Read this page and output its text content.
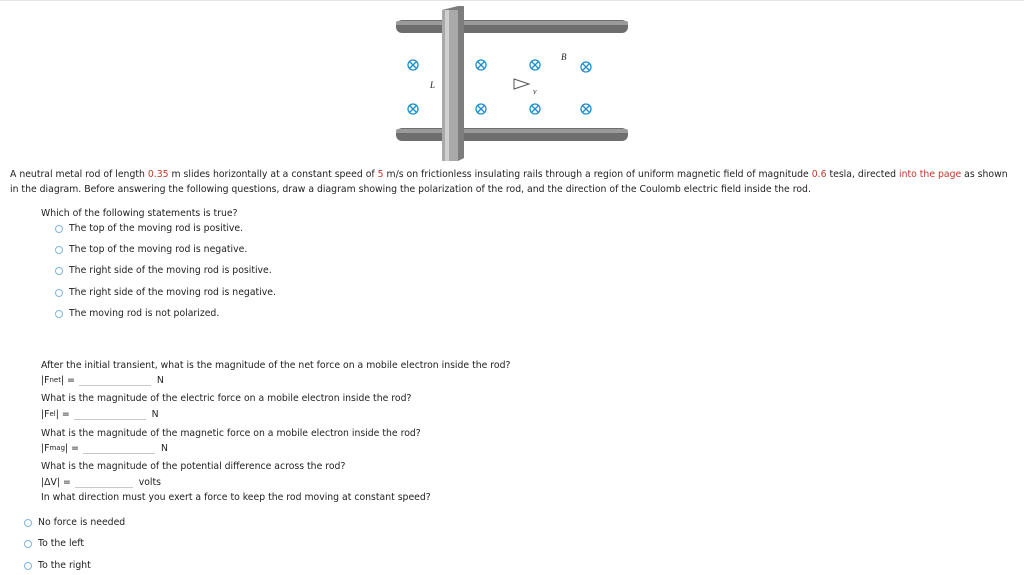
L
B
v
A neutral metal rod of length 0.35 m slides horizontally at a constant speed of 5 m/s on frictionless insulating rails through a region of uniform magnetic field of magnitude 0.6 tesla, directed into the page as shown in the diagram. Before answering the following questions, draw a diagram showing the polarization of the rod, and the direction of the Coulomb electric field inside the rod.
Which of the following statements is true?
The top of the moving rod is positive.
The top of the moving rod is negative.
The right side of the moving rod is positive.
The right side of the moving rod is negative.
The moving rod is not polarized.
After the initial transient, what is the magnitude of the net force on a mobile electron inside the rod?
|F net | =	N
What is the magnitude of the electric force on a mobile electron inside the rod?
|F el | =	N
What is the magnitude of the magnetic force on a mobile electron inside the rod?
|F mag | =	N
What is the magnitude of the potential difference across the rod?
|ΔV| =	volts
In what direction must you exert a force to keep the rod moving at constant speed?
No force is needed
To the left
To the right
